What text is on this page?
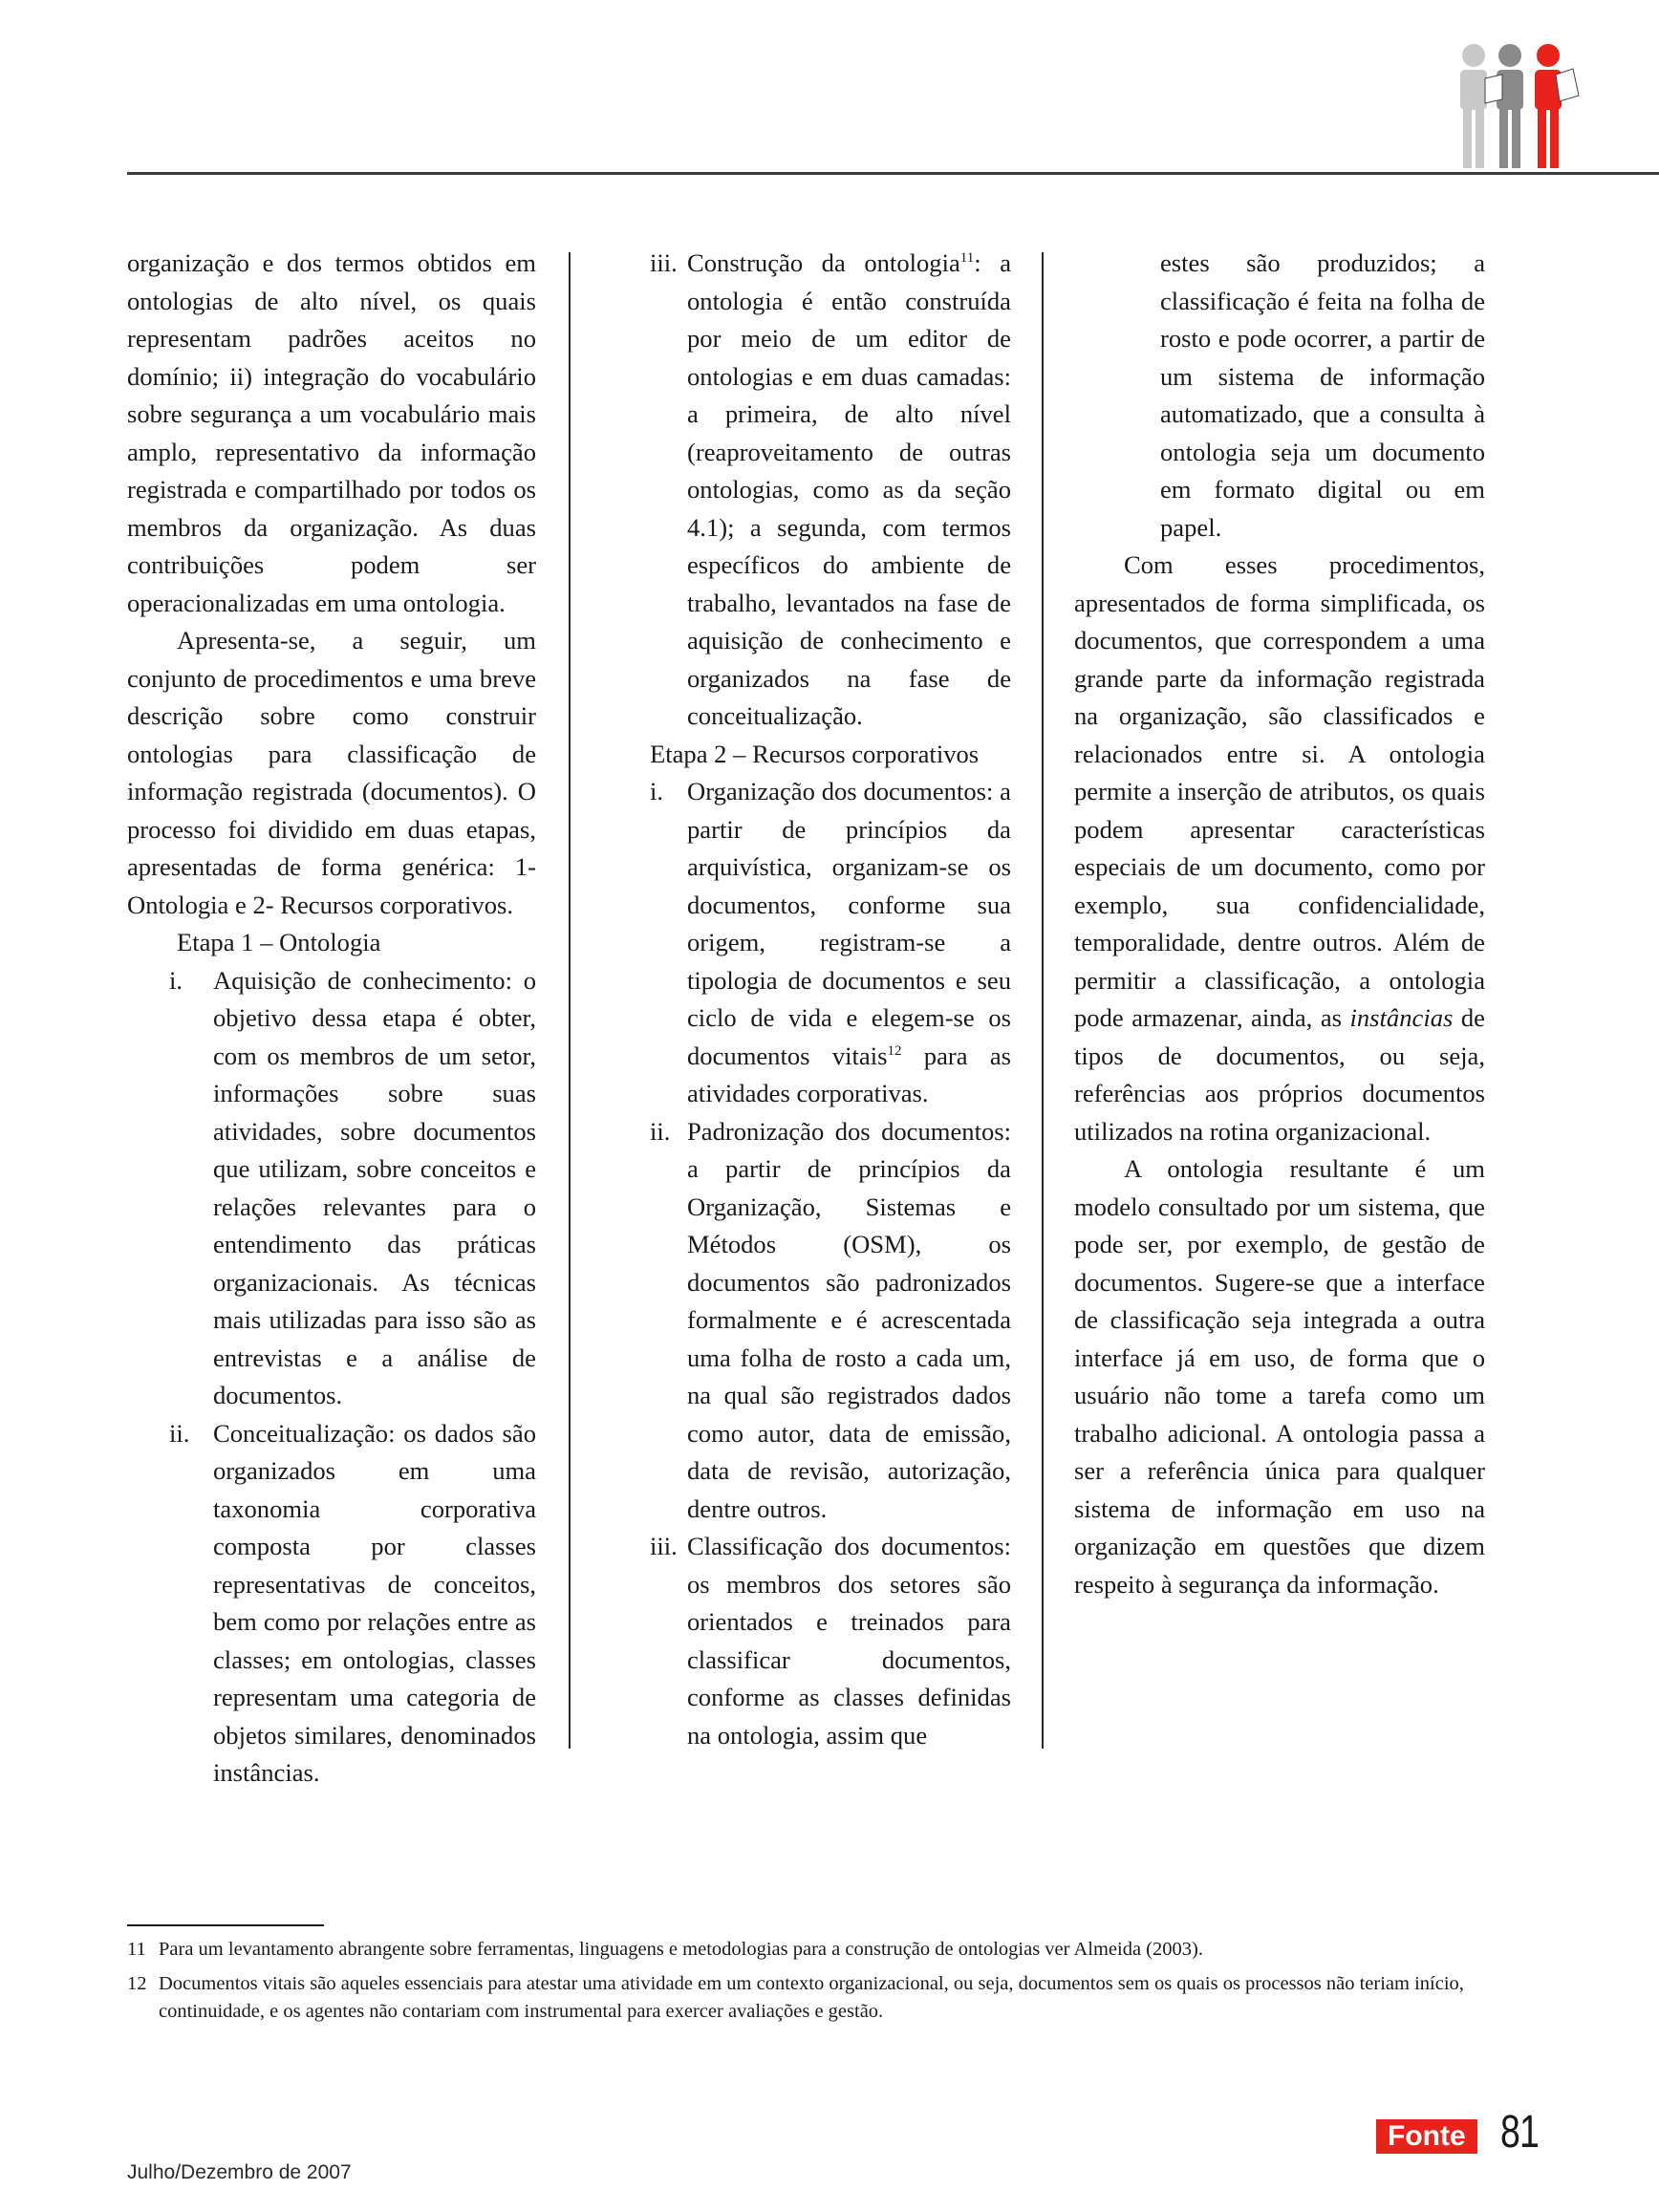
organização e dos termos obtidos em ontologias de alto nível, os quais representam padrões aceitos no domínio; ii) integração do vocabulário sobre segurança a um vocabulário mais amplo, representativo da informação registrada e compartilhado por todos os membros da organização. As duas contribuições podem ser operacionalizadas em uma ontologia.

Apresenta-se, a seguir, um conjunto de procedimentos e uma breve descrição sobre como construir ontologias para classificação de informação registrada (documentos). O processo foi dividido em duas etapas, apresentadas de forma genérica: 1- Ontologia e 2- Recursos corporativos.

Etapa 1 – Ontologia

i. Aquisição de conhecimento: o objetivo dessa etapa é obter, com os membros de um setor, informações sobre suas atividades, sobre documentos que utilizam, sobre conceitos e relações relevantes para o entendimento das práticas organizacionais. As técnicas mais utilizadas para isso são as entrevistas e a análise de documentos.

ii. Conceitualização: os dados são organizados em uma taxonomia corporativa composta por classes representativas de conceitos, bem como por relações entre as classes; em ontologias, classes representam uma categoria de objetos similares, denominados instâncias.

iii. Construção da ontologia$^{11}$: a ontologia é então construída por meio de um editor de ontologias e em duas camadas: a primeira, de alto nível (reaproveitamento de outras ontologias, como as da seção 4.1); a segunda, com termos específicos do ambiente de trabalho, levantados na fase de aquisição de conhecimento e organizados na fase de conceitualização.

Etapa 2 – Recursos corporativos

i. Organização dos documentos: a partir de princípios da arquivística, organizam-se os documentos, conforme sua origem, registram-se a tipologia de documentos e seu ciclo de vida e elegem-se os documentos vitais$^{12}$ para as atividades corporativas.

ii. Padronização dos documentos: a partir de princípios da Organização, Sistemas e Métodos (OSM), os documentos são padronizados formalmente e é acrescentada uma folha de rosto a cada um, na qual são registrados dados como autor, data de emissão, data de revisão, autorização, dentre outros.

iii. Classificação dos documentos: os membros dos setores são orientados e treinados para classificar documentos, conforme as classes definidas na ontologia, assim que

estes são produzidos; a classificação é feita na folha de rosto e pode ocorrer, a partir de um sistema de informação automatizado, que a consulta à ontologia seja um documento em formato digital ou em papel.

Com esses procedimentos, apresentados de forma simplificada, os documentos, que correspondem a uma grande parte da informação registrada na organização, são classificados e relacionados entre si. A ontologia permite a inserção de atributos, os quais podem apresentar características especiais de um documento, como por exemplo, sua confidencialidade, temporalidade, dentre outros. Além de permitir a classificação, a ontologia pode armazenar, ainda, as instâncias de tipos de documentos, ou seja, referências aos próprios documentos utilizados na rotina organizacional.

A ontologia resultante é um modelo consultado por um sistema, que pode ser, por exemplo, de gestão de documentos. Sugere-se que a interface de classificação seja integrada a outra interface já em uso, de forma que o usuário não tome a tarefa como um trabalho adicional. A ontologia passa a ser a referência única para qualquer sistema de informação em uso na organização em questões que dizem respeito à segurança da informação.

11 Para um levantamento abrangente sobre ferramentas, linguagens e metodologias para a construção de ontologias ver Almeida (2003).
12 Documentos vitais são aqueles essenciais para atestar uma atividade em um contexto organizacional, ou seja, documentos sem os quais os processos não teriam início, continuidade, e os agentes não contariam com instrumental para exercer avaliações e gestão.
Julho/Dezembro de 2007
Fonte 81
